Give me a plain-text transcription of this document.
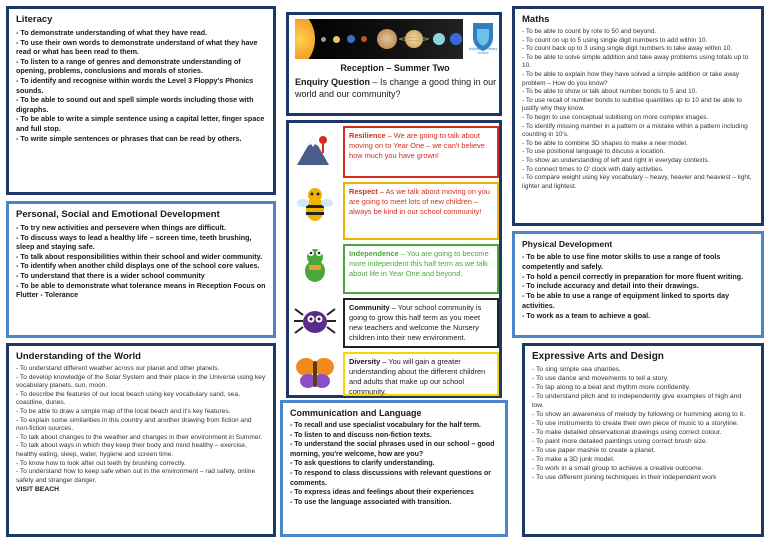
Literacy
- To demonstrate understanding of what they have read.
- To use their own words to demonstrate understand of what they have read or what has been read to them.
- To listen to a range of genres and demonstrate understanding of opening, problems, conclusions and morals of stories.
- To identify and recognise within words the Level 3 Floppy's Phonics sounds.
- To be able to sound out and spell simple words including those with digraphs.
- To be able to write a simple sentence using a capital letter, finger space and full stop.
- To write simple sentences or phrases that can be read by others.
Personal, Social and Emotional Development
- To try new activities and persevere when things are difficult.
- To discuss ways to lead a healthy life – screen time, teeth brushing, sleep and staying safe.
- To talk about responsibilities within their school and wider community.
- To identify when another child displays one of the school core values.
- To understand that there is a wider school community
- To be able to demonstrate what tolerance means in Reception Focus on Flutter - Tolerance
Understanding of the World
- To understand different weather across our planet and other planets.
- To develop knowledge of the Solar System and their place in the Universe using key vocabulary planets, sun, moon.
- To describe the features of our local beach using key vocabulary sand, sea, coastline, dunes.
- To be able to draw a simple map of the local beach and it's key features.
- To explain some similarities in this country and another drawing from fiction and non-fiction sources.
- To talk about changes to the weather and changes in their environment in Summer.
- To talk about ways in which they keep their body and mind healthy – exercise, healthy eating, sleep, water, hygiene and screen time.
- To know how to look after out teeth by brushing correctly.
- To understand how to keep safe when out in the environment – rad safety, online safety and stranger danger.
VISIT BEACH
Holystone Primary School
Reception – Summer Two
Enquiry Question – Is change a good thing in our world and our community?
Resilience – We are going to talk about moving on to Year One – we can't believe how much you have grown!
Respect – As we talk about moving on you are going to meet lots of new children – always be kind in our school community!
Independence – You are going to become more independent this half term as we talk about life in Year One and beyond.
Community – Your school community is going to grow this half term as you meet new teachers and welcome the Nursery children into their new environment.
Diversity – You will gain a greater understanding about the different children and adults that make up our school community.
Communication and Language
- To recall and use specialist vocabulary for the half term.
- To listen to and discuss non-fiction texts.
- To understand the social phrases used in our school – good morning, you're welcome, how are you?
- To ask questions to clarify understanding.
- To respond to class discussions with relevant questions or comments.
- To express ideas and feelings about their experiences
- To use the language associated with transition.
Maths
- To be able to count by rote to 50 and beyond.
- To count on up to 5 using single digit numbers to add within 10.
- To count back up to 3 using single digit numbers to take away within 10.
- To be able to solve simple addition and take away problems using totals up to 10.
- To be able to explain how they have solved a simple addition or take away problem – How do you know?
- To be able to show or talk about number bonds to 5 and 10.
- To use recall of number bonds to subitise quantities up to 10 and be able to justify why they know.
- To begin to use conceptual subitising on more complex images.
- To identify missing number in a pattern or a mistake within a pattern including counting in 10's.
- To be able to combine 3D shapes to make a new model.
- To use positional language to discuss a location.
- To show an understanding of left and right in everyday contexts.
- To connect times to O' clock with daily activities.
- To compare weight using key vocabulary – heavy, heavier and heaviest – light, lighter and lightest.
Physical Development
- To be able to use fine motor skills to use a range of tools competently and safely.
- To hold a pencil correctly in preparation for more fluent writing.
- To include accuracy and detail into their drawings.
- To be able to use a range of equipment linked to sports day activities.
- To work as a team to achieve a goal.
Expressive Arts and Design
- To sing simple sea shanties.
- To use dance and movements to tell a story.
- To tap along to a beat and rhythm more confidently.
- To understand pitch and to independently give examples of high and low.
- To show an awareness of melody by following or humming along to it.
- To use instruments to create their own piece of music to a storyline.
- To make detailed observational drawings using correct colour.
- To paint more detailed paintings using correct brush size.
- To use paper mashie to create a planet.
- To make a 3D junk model.
- To work in a small group to achieve a creative outcome.
- To use different joining techniques in their independent work
